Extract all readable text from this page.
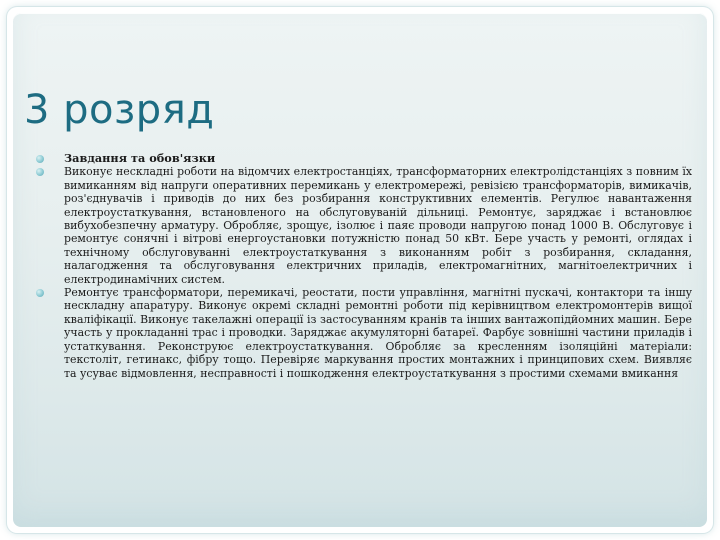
3 розряд
Завдання та обов'язки
Виконує нескладні роботи на відомчих електростанціях, трансформаторних електролідстанціях з повним їх вимиканням від напруги оперативних перемикань у електромережі, ревізією трансформаторів, вимикачів, роз'єднувачів і приводів до них без розбирання конструктивних елементів. Регулює навантаження електроустаткування, встановленого на обслуговуваній дільниці. Ремонтує, заряджає і встановлює вибухобезпечну арматуру. Обробляє, зрощує, ізолює і паяє проводи напругою понад 1000 В. Обслуговує і ремонтує сонячні і вітрові енергоустановки потужністю понад 50 кВт. Бере участь у ремонті, оглядах і технічному обслуговуванні електроустаткування з виконанням робіт з розбирання, складання, налагодження та обслуговування електричних приладів, електромагнітних, магнітоелектричних і електродинамічних систем.
Ремонтує трансформатори, перемикачі, реостати, пости управління, магнітні пускачі, контактори та іншу нескладну апаратуру. Виконує окремі складні ремонтні роботи під керівництвом електромонтерів вищої кваліфікації. Виконує такелажні операції із застосуванням кранів та інших вантажопідйомних машин. Бере участь у прокладанні трас і проводки. Заряджає акумуляторні батареї. Фарбує зовнішні частини приладів і устаткування. Реконструює електроустаткування. Обробляє за кресленням ізоляційні матеріали: текстоліт, гетинакс, фібру тощо. Перевіряє маркування простих монтажних і принципових схем. Виявляє та усуває відмовлення, несправності і пошкодження електроустаткування з простими схемами вмикання
